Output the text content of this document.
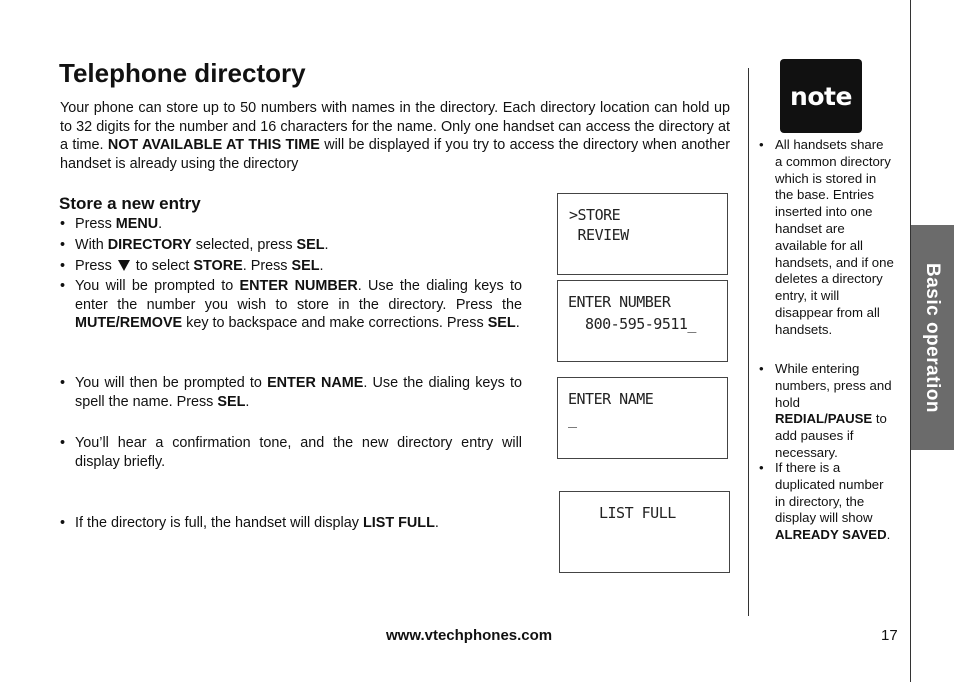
Telephone directory

Your phone can store up to 50 numbers with names in the directory. Each directory location can hold up to 32 digits for the number and 16 characters for the name. Only one handset can access the directory at a time. NOT AVAILABLE AT THIS TIME will be displayed if you try to access the directory when another handset is already using the directory

Store a new entry
• Press MENU.
• With DIRECTORY selected, press SEL.
• Press  to select STORE. Press SEL.
• You will be prompted to ENTER NUMBER. Use the dialing keys to enter the number you wish to store in the directory. Press the MUTE/REMOVE key to backspace and make corrections. Press SEL.
• You will then be prompted to ENTER NAME. Use the dialing keys to spell the name. Press SEL.
• You’ll hear a confirmation tone, and the new directory entry will display briefly.
• If the directory is full, the handset will display LIST FULL.
>STORE
REVIEW
ENTER NUMBER
800-595-9511_
ENTER NAME
_
LIST FULL
note
• All handsets share a common directory which is stored in the base. Entries inserted into one handset are available for all handsets, and if one deletes a directory entry, it will disappear from all handsets.
• While entering numbers, press and hold REDIAL/PAUSE to add pauses if necessary.
• If there is a duplicated number in directory, the display will show ALREADY SAVED.
Basic operation
www.vtechphones.com	17
